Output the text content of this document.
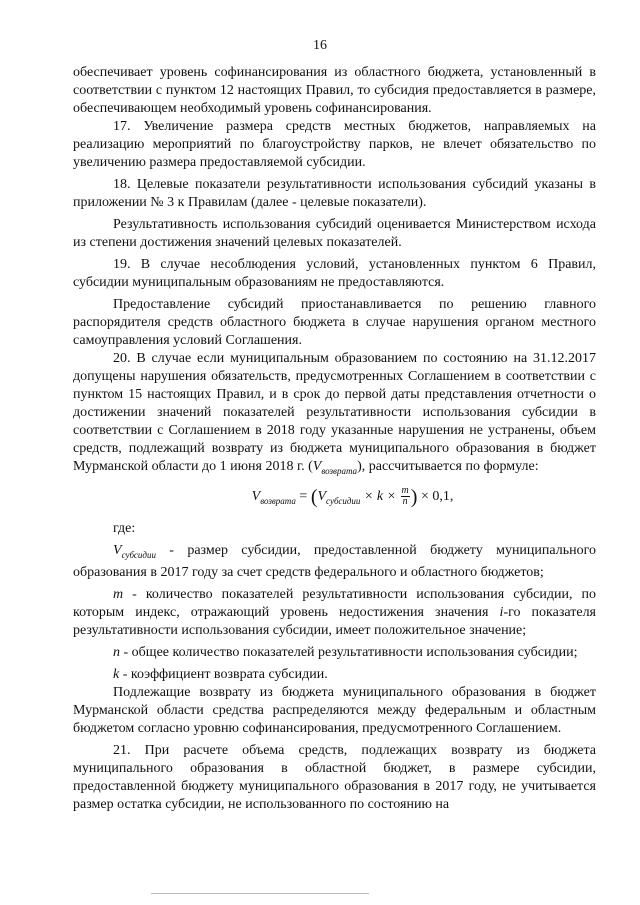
16

обеспечивает уровень софинансирования из областного бюджета, установленный в соответствии с пунктом 12 настоящих Правил, то субсидия предоставляется в размере, обеспечивающем необходимый уровень софинансирования.

17. Увеличение размера средств местных бюджетов, направляемых на реализацию мероприятий по благоустройству парков, не влечет обязательство по увеличению размера предоставляемой субсидии.

18. Целевые показатели результативности использования субсидий указаны в приложении № 3 к Правилам (далее - целевые показатели).

Результативность использования субсидий оценивается Министерством исхода из степени достижения значений целевых показателей.

19. В случае несоблюдения условий, установленных пунктом 6 Правил, субсидии муниципальным образованиям не предоставляются.

Предоставление субсидий приостанавливается по решению главного распорядителя средств областного бюджета в случае нарушения органом местного самоуправления условий Соглашения.

20. В случае если муниципальным образованием по состоянию на 31.12.2017 допущены нарушения обязательств, предусмотренных Соглашением в соответствии с пунктом 15 настоящих Правил, и в срок до первой даты представления отчетности о достижении значений показателей результативности использования субсидии в соответствии с Соглашением в 2018 году указанные нарушения не устранены, объем средств, подлежащий возврату из бюджета муниципального образования в бюджет Мурманской области до 1 июня 2018 г. $(V_{возврата})$, рассчитывается по формуле:

$V_{возврата} = (V_{субсидии} \times k \times \frac{m}{n}$ ) × 0,1,

где:

$V_{субсидии}$ - размер субсидии, предоставленной бюджету муниципального образования в 2017 году за счет средств федерального и областного бюджетов;

m - количество показателей результативности использования субсидии, по которым индекс, отражающий уровень недостижения значения i-го показателя результативности использования субсидии, имеет положительное значение;

n - общее количество показателей результативности использования субсидии;

k - коэффициент возврата субсидии.

Подлежащие возврату из бюджета муниципального образования в бюджет Мурманской области средства распределяются между федеральным и областным бюджетом согласно уровню софинансирования, предусмотренного Соглашением.

21. При расчете объема средств, подлежащих возврату из бюджета муниципального образования в областной бюджет, в размере субсидии, предоставленной бюджету муниципального образования в 2017 году, не учитывается размер остатка субсидии, не использованного по состоянию на
